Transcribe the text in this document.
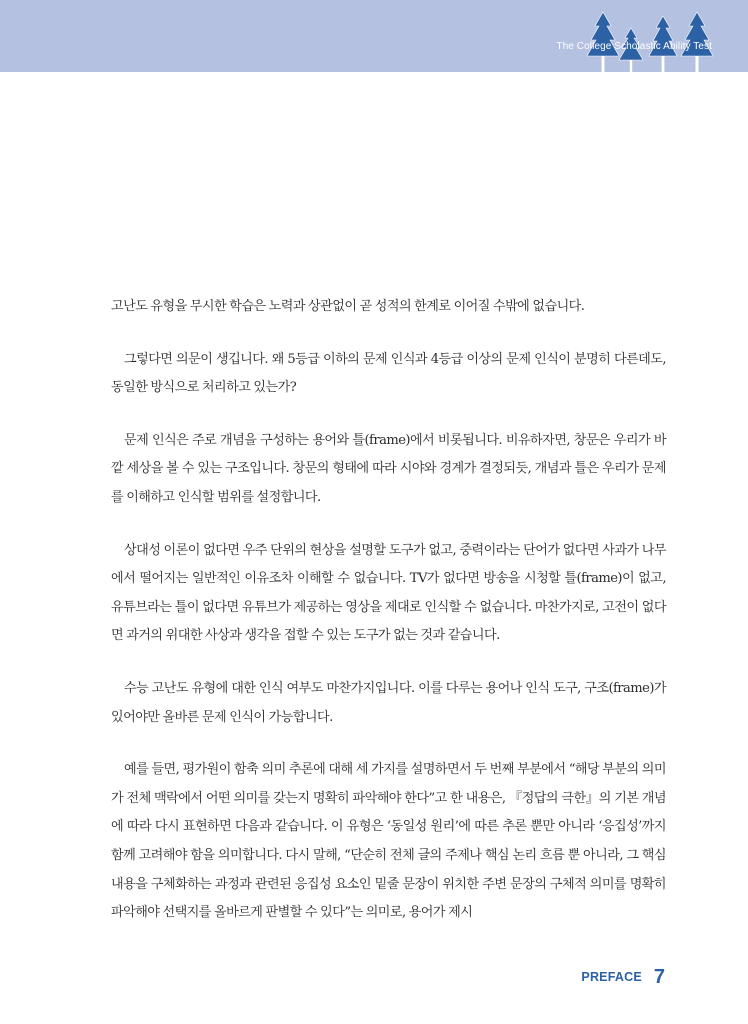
The College Scholastic Ability Test

고난도 유형을 무시한 학습은 노력과 상관없이 곧 성적의 한계로 이어질 수밖에 없습니다.

그렇다면 의문이 생깁니다. 왜 5등급 이하의 문제 인식과 4등급 이상의 문제 인식이 분명히 다른데도, 동일한 방식으로 처리하고 있는가?

문제 인식은 주로 개념을 구성하는 용어와 틀(frame)에서 비롯됩니다. 비유하자면, 창문은 우리가 바깥 세상을 볼 수 있는 구조입니다. 창문의 형태에 따라 시야와 경계가 결정되듯, 개념과 틀은 우리가 문제를 이해하고 인식할 범위를 설정합니다.

상대성 이론이 없다면 우주 단위의 현상을 설명할 도구가 없고, 중력이라는 단어가 없다면 사과가 나무에서 떨어지는 일반적인 이유조차 이해할 수 없습니다. TV가 없다면 방송을 시청할 틀(frame)이 없고, 유튜브라는 틀이 없다면 유튜브가 제공하는 영상을 제대로 인식할 수 없습니다. 마찬가지로, 고전이 없다면 과거의 위대한 사상과 생각을 접할 수 있는 도구가 없는 것과 같습니다.

수능 고난도 유형에 대한 인식 여부도 마찬가지입니다. 이를 다루는 용어나 인식 도구, 구조(frame)가 있어야만 올바른 문제 인식이 가능합니다.

예를 들면, 평가원이 함축 의미 추론에 대해 세 가지를 설명하면서 두 번째 부분에서 “해당 부분의 의미가 전체 맥락에서 어떤 의미를 갖는지 명확히 파악해야 한다”고 한 내용은, 『정답의 극한』의 기본 개념에 따라 다시 표현하면 다음과 같습니다. 이 유형은 ‘동일성 원리’에 따른 추론 뿐만 아니라 ‘응집성’까지 함께 고려해야 함을 의미합니다. 다시 말해, “단순히 전체 글의 주제나 핵심 논리 흐름 뿐 아니라, 그 핵심 내용을 구체화하는 과정과 관련된 응집성 요소인 밑줄 문장이 위치한 주변 문장의 구체적 의미를 명확히 파악해야 선택지를 올바르게 판별할 수 있다”는 의미로, 용어가 제시

PREFACE 7
